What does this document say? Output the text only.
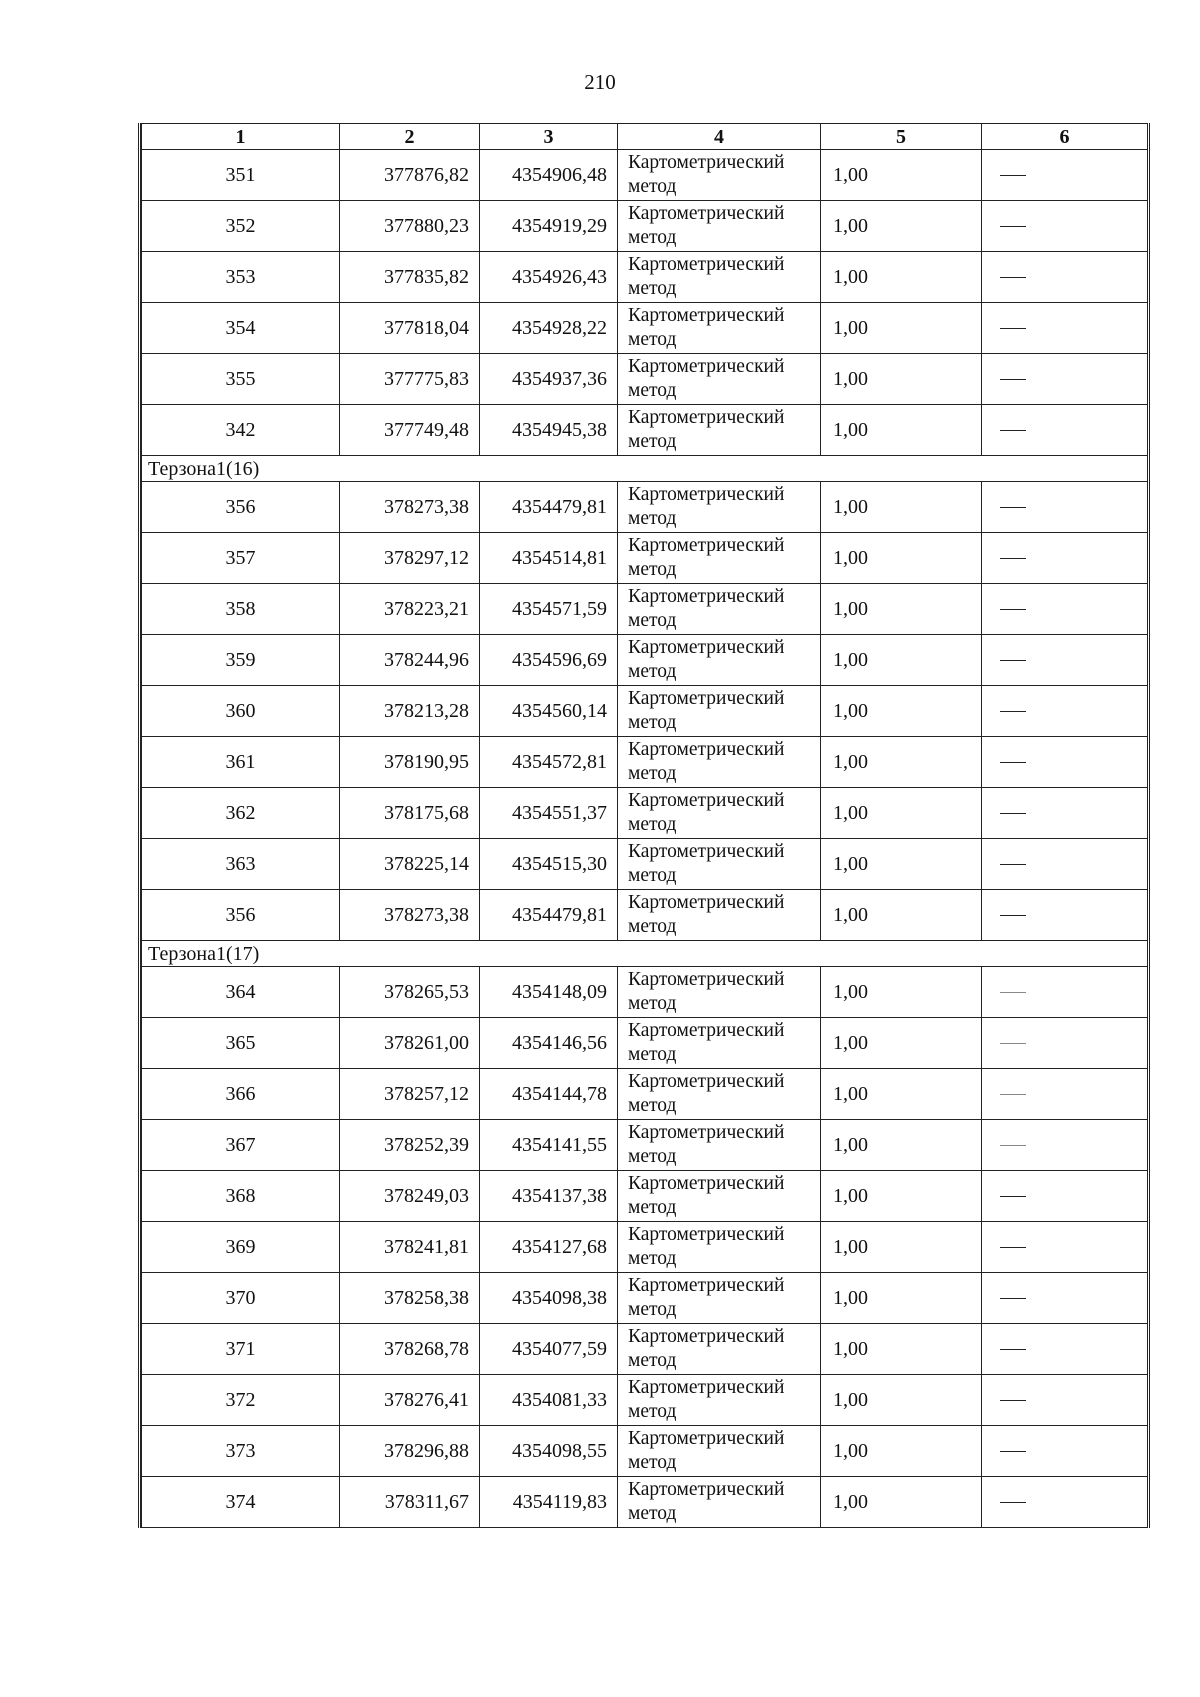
210
1	2	3	4	5	6
351	377876,82	4354906,48	Картометрический метод	1,00	
352	377880,23	4354919,29	Картометрический метод	1,00	
353	377835,82	4354926,43	Картометрический метод	1,00	
354	377818,04	4354928,22	Картометрический метод	1,00	
355	377775,83	4354937,36	Картометрический метод	1,00	
342	377749,48	4354945,38	Картометрический метод	1,00	
Терзона1(16)					
356	378273,38	4354479,81	Картометрический метод	1,00	
357	378297,12	4354514,81	Картометрический метод	1,00	
358	378223,21	4354571,59	Картометрический метод	1,00	
359	378244,96	4354596,69	Картометрический метод	1,00	
360	378213,28	4354560,14	Картометрический метод	1,00	
361	378190,95	4354572,81	Картометрический метод	1,00	
362	378175,68	4354551,37	Картометрический метод	1,00	
363	378225,14	4354515,30	Картометрический метод	1,00	
356	378273,38	4354479,81	Картометрический метод	1,00	
Терзона1(17)					
364	378265,53	4354148,09	Картометрический метод	1,00	
365	378261,00	4354146,56	Картометрический метод	1,00	
366	378257,12	4354144,78	Картометрический метод	1,00	
367	378252,39	4354141,55	Картометрический метод	1,00	
368	378249,03	4354137,38	Картометрический метод	1,00	
369	378241,81	4354127,68	Картометрический метод	1,00	
370	378258,38	4354098,38	Картометрический метод	1,00	
371	378268,78	4354077,59	Картометрический метод	1,00	
372	378276,41	4354081,33	Картометрический метод	1,00	
373	378296,88	4354098,55	Картометрический метод	1,00	
374	378311,67	4354119,83	Картометрический метод	1,00	
